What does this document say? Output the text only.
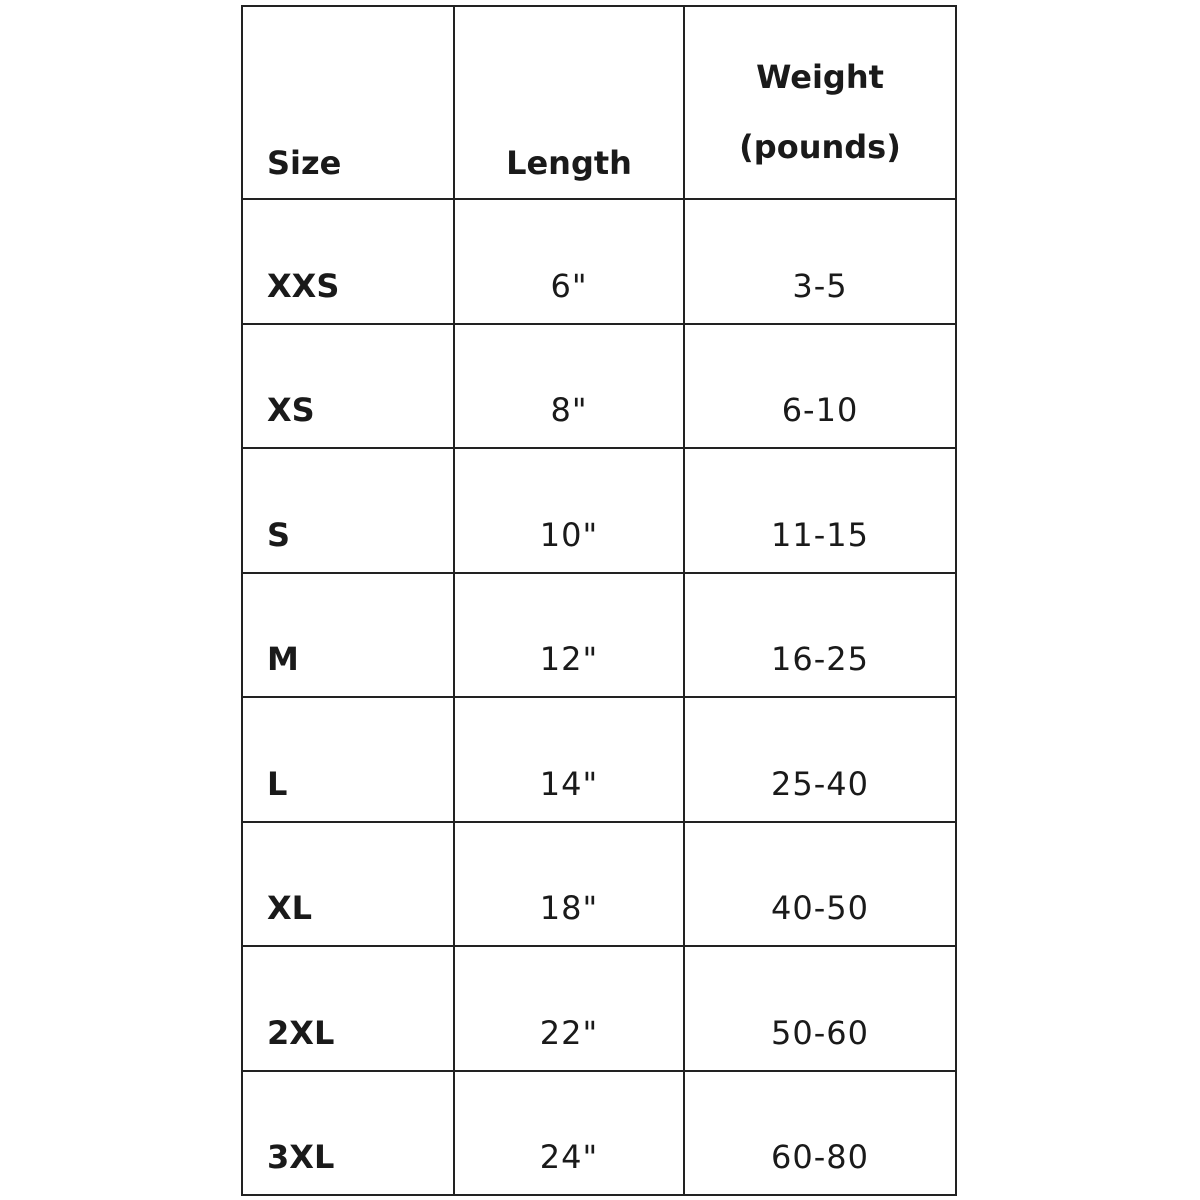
Size	Length	Weight
(pounds)

XXS	6"	3-5
XS	8"	6-10
S	10"	11-15
M	12"	16-25
L	14"	25-40
XL	18"	40-50
2XL	22"	50-60
3XL	24"	60-80
